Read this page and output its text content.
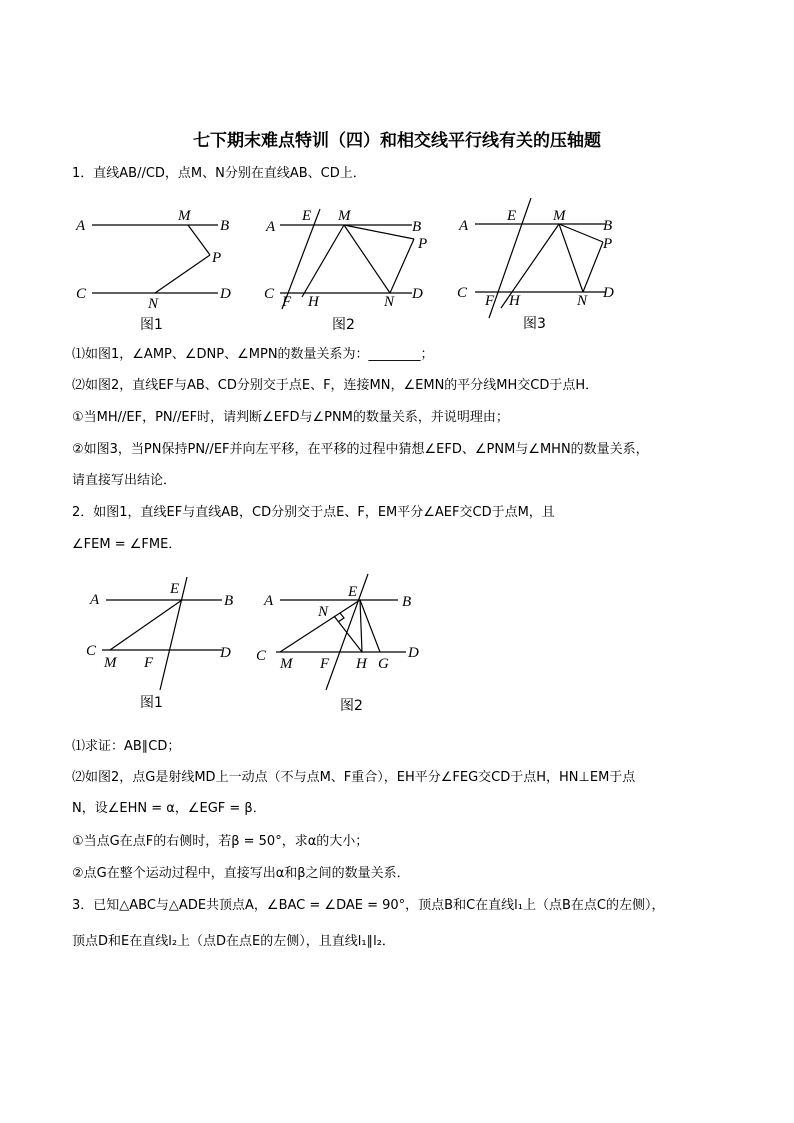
七下期末难点特训（四）和相交线平行线有关的压轴题
1．直线AB//CD，点M、N分别在直线AB、CD上．
A
M
B
P
C
N
D
图1
A
E M
B
P
C F H	N D
图2
A
E M
B
P
C F H	N D
图3
⑴如图1，∠AMP、∠DNP、∠MPN的数量关系为：________；
⑵如图2，直线EF与AB、CD分别交于点E、F，连接MN，∠EMN的平分线MH交CD于点H．
①当MH//EF，PN//EF时，请判断∠EFD与∠PNM的数量关系，并说明理由；
②如图3，当PN保持PN//EF并向左平移，在平移的过程中猜想∠EFD、∠PNM与∠MHN的数量关系，
请直接写出结论．
2．如图1，直线EF与直线AB，CD分别交于点E、F，EM平分∠AEF交CD于点M，且
∠FEM = ∠FME．
A
E
B
C
M F
D
图1
A
E
B
N
C M F H G
D
图2
⑴求证：AB∥CD；
⑵如图2，点G是射线MD上一动点（不与点M、F重合），EH平分∠FEG交CD于点H，HN⊥EM于点
N，设∠EHN = α，∠EGF = β．
①当点G在点F的右侧时，若β = 50°，求α的大小；
②点G在整个运动过程中，直接写出α和β之间的数量关系．
3．已知△ABC与△ADE共顶点A，∠BAC = ∠DAE = 90°，顶点B和C在直线l₁上（点B在点C的左侧），
顶点D和E在直线l₂上（点D在点E的左侧），且直线l₁∥l₂．
